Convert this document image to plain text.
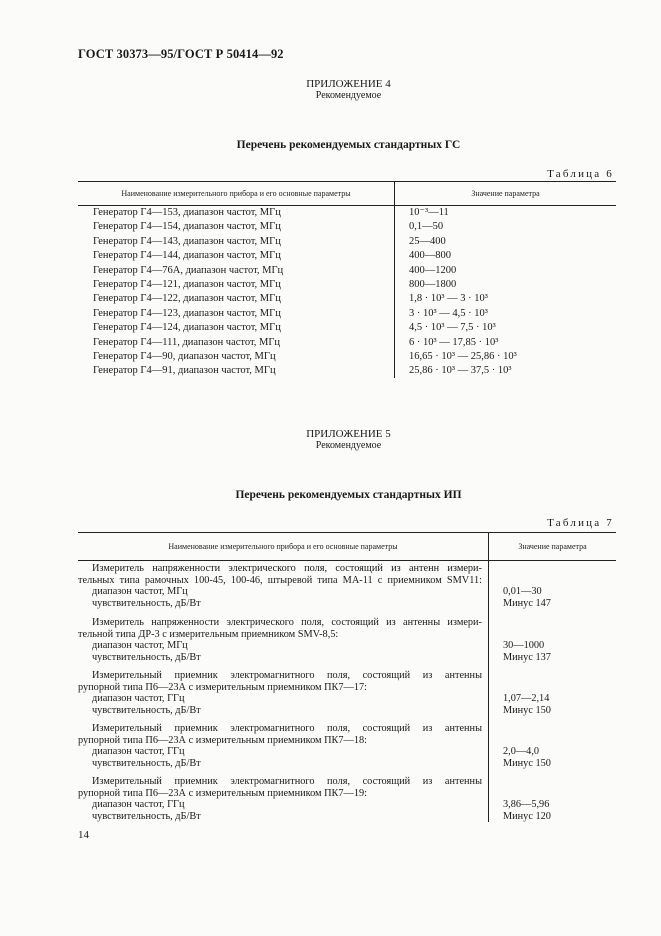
ГОСТ 30373—95/ГОСТ Р 50414—92
ПРИЛОЖЕНИЕ 4
Рекомендуемое
Перечень рекомендуемых стандартных ГС
Таблица 6
Наименование измерительного прибора и его основные параметры	Значение параметра
Генератор Г4—153, диапазон частот, МГц
Генератор Г4—154, диапазон частот, МГц
Генератор Г4—143, диапазон частот, МГц
Генератор Г4—144, диапазон частот, МГц
Генератор Г4—76А, диапазон частот, МГц
Генератор Г4—121, диапазон частот, МГц
Генератор Г4—122, диапазон частот, МГц
Генератор Г4—123, диапазон частот, МГц
Генератор Г4—124, диапазон частот, МГц
Генератор Г4—111, диапазон частот, МГц
Генератор Г4—90, диапазон частот, МГц
Генератор Г4—91, диапазон частот, МГц
10⁻³—11
0,1—50
25—400
400—800
400—1200
800—1800
1,8 · 10³ — 3 · 10³
3 · 10³ — 4,5 · 10³
4,5 · 10³ — 7,5 · 10³
6 · 10³ — 17,85 · 10³
16,65 · 10³ — 25,86 · 10³
25,86 · 10³ — 37,5 · 10³
ПРИЛОЖЕНИЕ 5
Рекомендуемое
Перечень рекомендуемых стандартных ИП
Таблица 7
Наименование измерительного прибора и его основные параметры	Значение параметра
Измеритель напряженности электрического поля, состоящий из антенн измери-
тельных типа рамочных 100-45, 100-46, штыревой типа МА-11 с приемником SMV11:
диапазон частот, МГц
чувствительность, дБ/Вт
0,01—30
Минус 147
Измеритель напряженности электрического поля, состоящий из антенны измери-
тельной типа ДР-3 с измерительным приемником SMV-8,5:
диапазон частот, МГц
чувствительность, дБ/Вт
30—1000
Минус 137
Измерительный приемник электромагнитного поля, состоящий из антенны
рупорной типа П6—23А с измерительным приемником ПК7—17:
диапазон частот, ГГц
чувствительность, дБ/Вт
1,07—2,14
Минус 150
Измерительный приемник электромагнитного поля, состоящий из антенны
рупорной типа П6—23А с измерительным приемником ПК7—18:
диапазон частот, ГГц
чувствительность, дБ/Вт
2,0—4,0
Минус 150
Измерительный приемник электромагнитного поля, состоящий из антенны
рупорной типа П6—23А с измерительным приемником ПК7—19:
диапазон частот, ГГц
чувствительность, дБ/Вт
3,86—5,96
Минус 120
14
